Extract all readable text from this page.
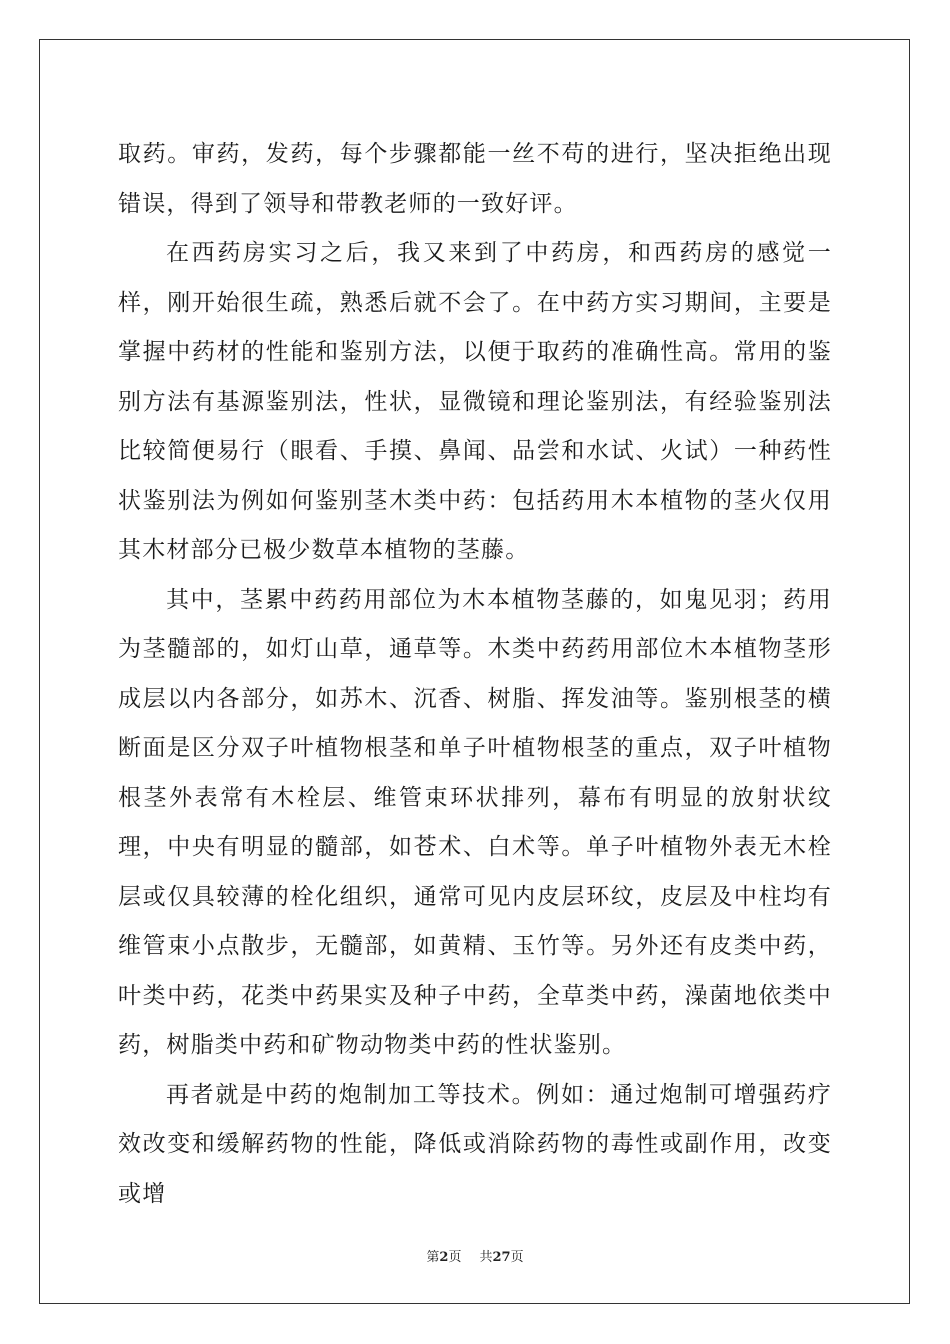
取药。审药，发药，每个步骤都能一丝不苟的进行，坚决拒绝出现错误，得到了领导和带教老师的一致好评。

在西药房实习之后，我又来到了中药房，和西药房的感觉一样，刚开始很生疏，熟悉后就不会了。在中药方实习期间，主要是掌握中药材的性能和鉴别方法，以便于取药的准确性高。常用的鉴别方法有基源鉴别法，性状，显微镜和理论鉴别法，有经验鉴别法比较简便易行（眼看、手摸、鼻闻、品尝和水试、火试）一种药性状鉴别法为例如何鉴别茎木类中药：包括药用木本植物的茎火仅用其木材部分已极少数草本植物的茎藤。

其中，茎累中药药用部位为木本植物茎藤的，如鬼见羽；药用为茎髓部的，如灯山草，通草等。木类中药药用部位木本植物茎形成层以内各部分，如苏木、沉香、树脂、挥发油等。鉴别根茎的横断面是区分双子叶植物根茎和单子叶植物根茎的重点，双子叶植物根茎外表常有木栓层、维管束环状排列，幕布有明显的放射状纹理，中央有明显的髓部，如苍术、白术等。单子叶植物外表无木栓层或仅具较薄的栓化组织，通常可见内皮层环纹，皮层及中柱均有维管束小点散步，无髓部，如黄精、玉竹等。另外还有皮类中药，叶类中药，花类中药果实及种子中药，全草类中药，澡菌地依类中药，树脂类中药和矿物动物类中药的性状鉴别。

再者就是中药的炮制加工等技术。例如：通过炮制可增强药疗效改变和缓解药物的性能，降低或消除药物的毒性或副作用，改变或增

第2页 共27页
